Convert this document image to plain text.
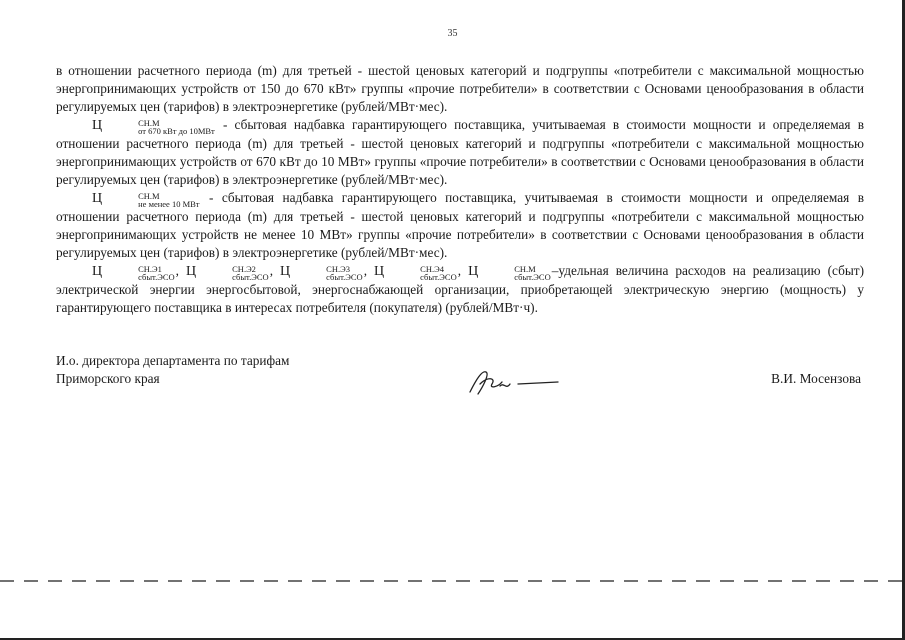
35

в отношении расчетного периода (m) для третьей - шестой ценовых категорий и подгруппы «потребители с максимальной мощностью энергопринимающих устройств от 150 до 670 кВт» группы «прочие потребители» в соответствии с Основами ценообразования в области регулируемых цен (тарифов) в электроэнергетике (рублей/МВт·мес).

Ц	СН.М
от 670 кВт до 10МВт - сбытовая надбавка гарантирующего поставщика, учитываемая в стоимости мощности и определяемая в отношении расчетного периода (m) для третьей - шестой ценовых категорий и подгруппы «потребители с максимальной мощностью энергопринимающих устройств от 670 кВт до 10 МВт» группы «прочие потребители» в соответствии с Основами ценообразования в области регулируемых цен (тарифов) в электроэнергетике (рублей/МВт·мес).

Ц	СН.М
не менее 10 МВт - сбытовая надбавка гарантирующего поставщика, учитываемая в стоимости мощности и определяемая в отношении расчетного периода (m) для третьей - шестой ценовых категорий и подгруппы «потребители с максимальной мощностью энергопринимающих устройств не менее 10 МВт» группы «прочие потребители» в соответствии с Основами ценообразования в области регулируемых цен (тарифов) в электроэнергетике (рублей/МВт·мес).

Ц	СН.Э1
сбыт.ЭСО , Ц	СН.Э2
сбыт.ЭСО , Ц	СН.Э3
сбыт.ЭСО , Ц	СН.Э4
сбыт.ЭСО , Ц	СН.М
сбыт.ЭСО –удельная величина расходов на реализацию (сбыт) электрической энергии энергосбытовой, энергоснабжающей организации, приобретающей электрическую энергию (мощность) у гарантирующего поставщика в интересах потребителя (покупателя) (рублей/МВт·ч).

И.о. директора департамента по тарифам
Приморского края	В.И. Мосензова
